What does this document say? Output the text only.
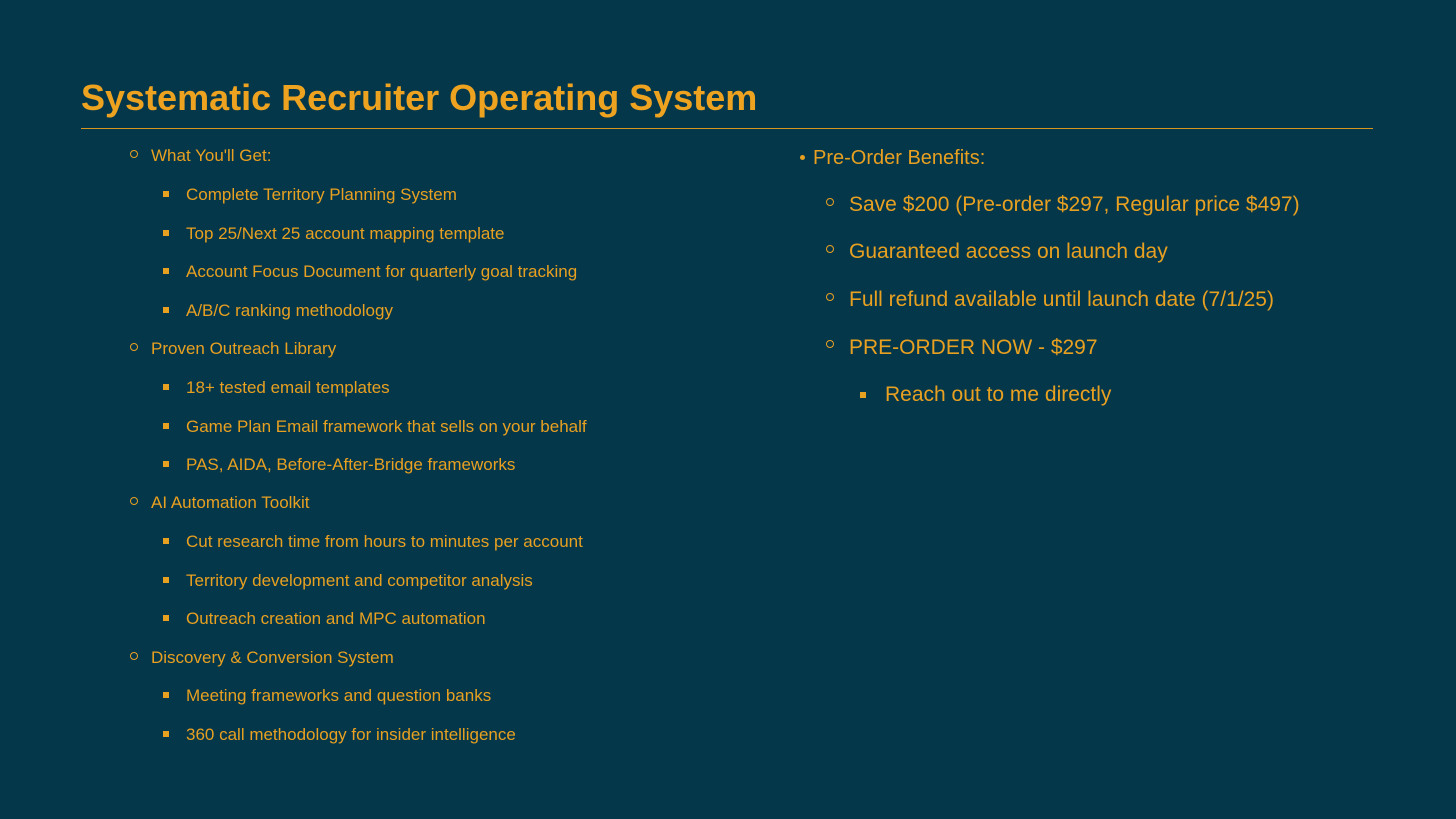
Systematic Recruiter Operating System
What You'll Get:
Complete Territory Planning System
Top 25/Next 25 account mapping template
Account Focus Document for quarterly goal tracking
A/B/C ranking methodology
Proven Outreach Library
18+ tested email templates
Game Plan Email framework that sells on your behalf
PAS, AIDA, Before-After-Bridge frameworks
AI Automation Toolkit
Cut research time from hours to minutes per account
Territory development and competitor analysis
Outreach creation and MPC automation
Discovery & Conversion System
Meeting frameworks and question banks
360 call methodology for insider intelligence
Pre-Order Benefits:
Save $200 (Pre-order $297, Regular price $497)
Guaranteed access on launch day
Full refund available until launch date (7/1/25)
PRE-ORDER NOW - $297
Reach out to me directly
